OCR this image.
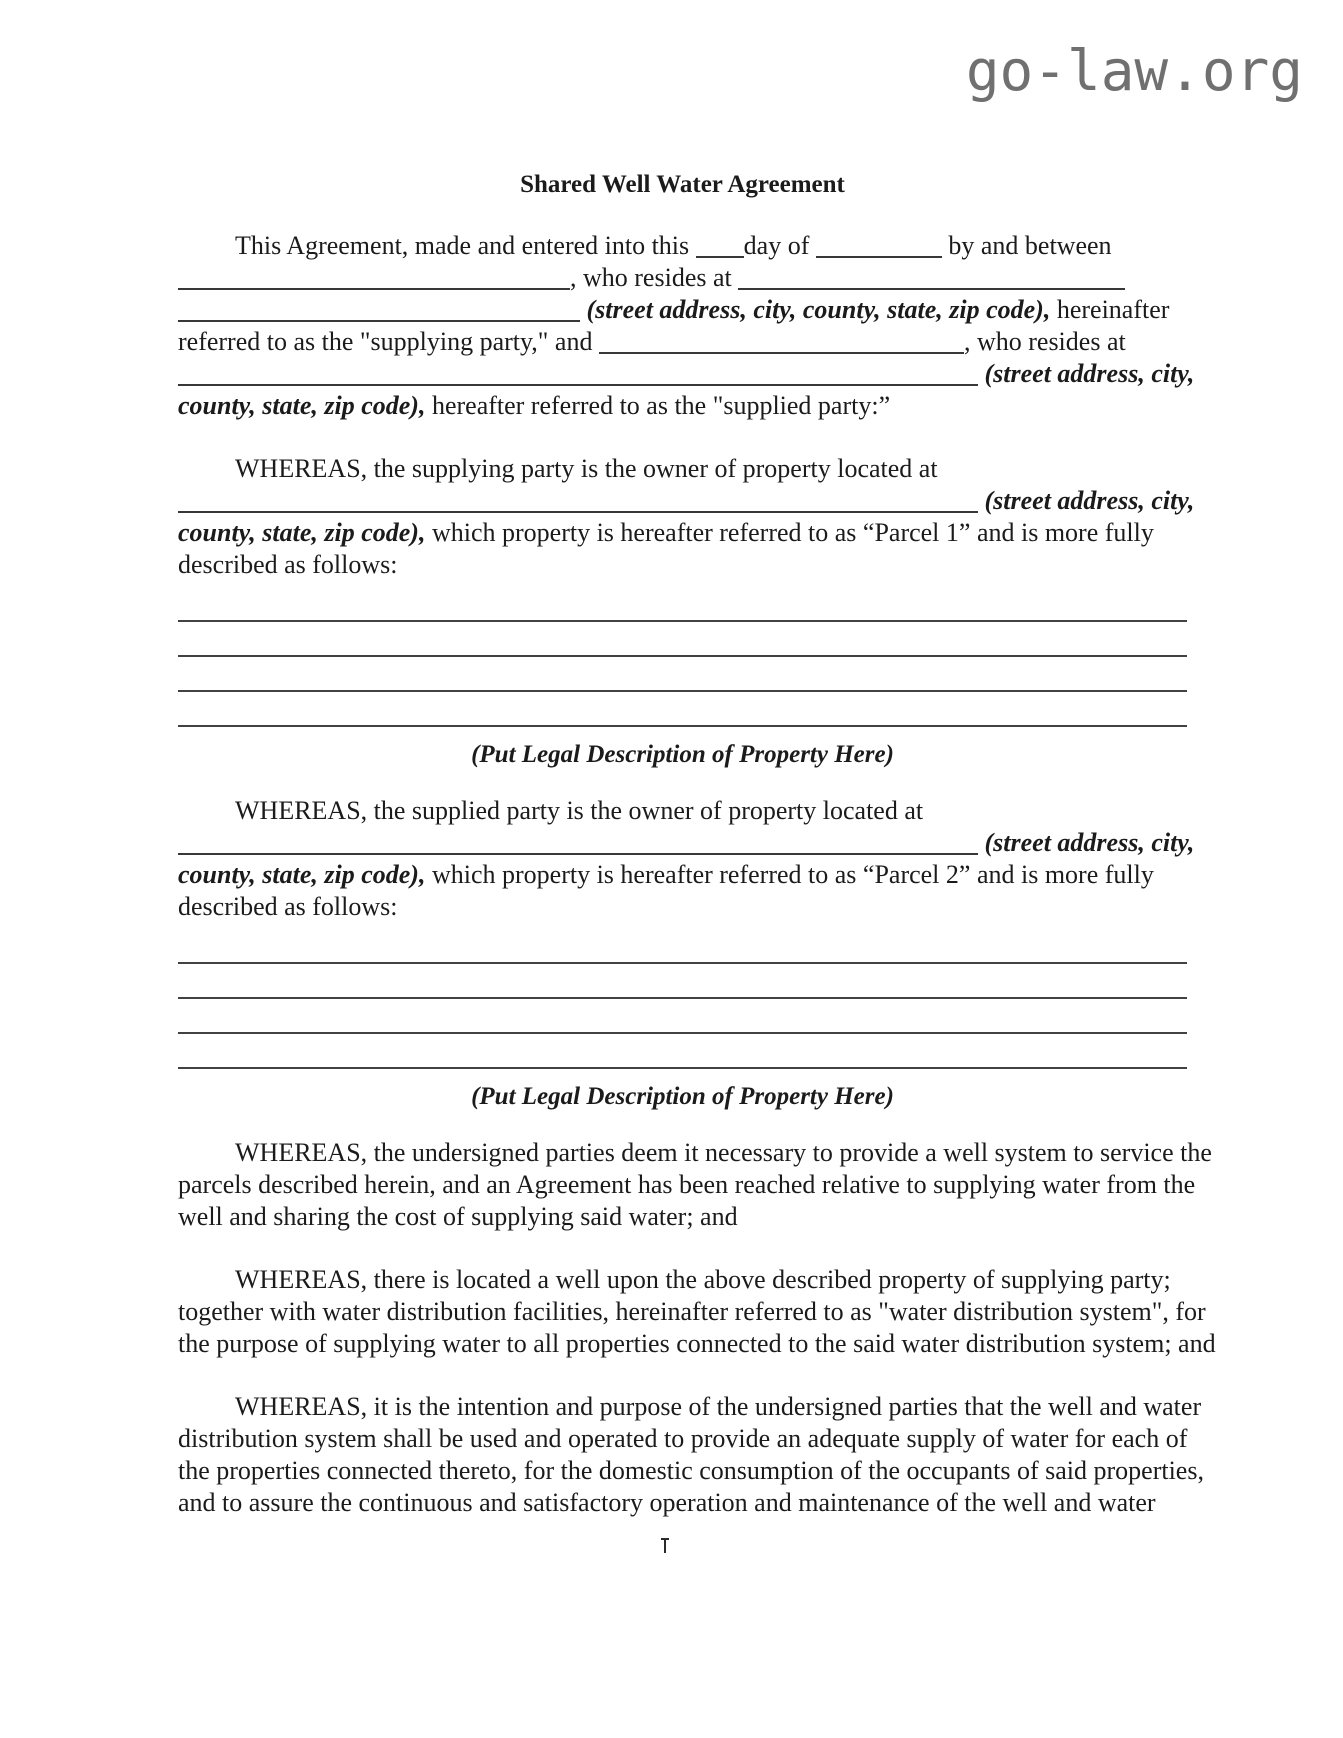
go-law.org
Shared Well Water Agreement
This Agreement, made and entered into this day of	by and between
, who resides at
(street address, city, county, state, zip code), hereinafter
referred to as the "supplying party," and	, who resides at
(street address, city,
county, state, zip code), hereafter referred to as the "supplied party:”
WHEREAS, the supplying party is the owner of property located at
(street address, city,
county, state, zip code), which property is hereafter referred to as “Parcel 1” and is more fully
described as follows:
(Put Legal Description of Property Here)
WHEREAS, the supplied party is the owner of property located at
(street address, city,
county, state, zip code), which property is hereafter referred to as “Parcel 2” and is more fully
described as follows:
(Put Legal Description of Property Here)
WHEREAS, the undersigned parties deem it necessary to provide a well system to service the
parcels described herein, and an Agreement has been reached relative to supplying water from the
well and sharing the cost of supplying said water; and
WHEREAS, there is located a well upon the above described property of supplying party;
together with water distribution facilities, hereinafter referred to as "water distribution system", for
the purpose of supplying water to all properties connected to the said water distribution system; and
WHEREAS, it is the intention and purpose of the undersigned parties that the well and water
distribution system shall be used and operated to provide an adequate supply of water for each of
the properties connected thereto, for the domestic consumption of the occupants of said properties,
and to assure the continuous and satisfactory operation and maintenance of the well and water
